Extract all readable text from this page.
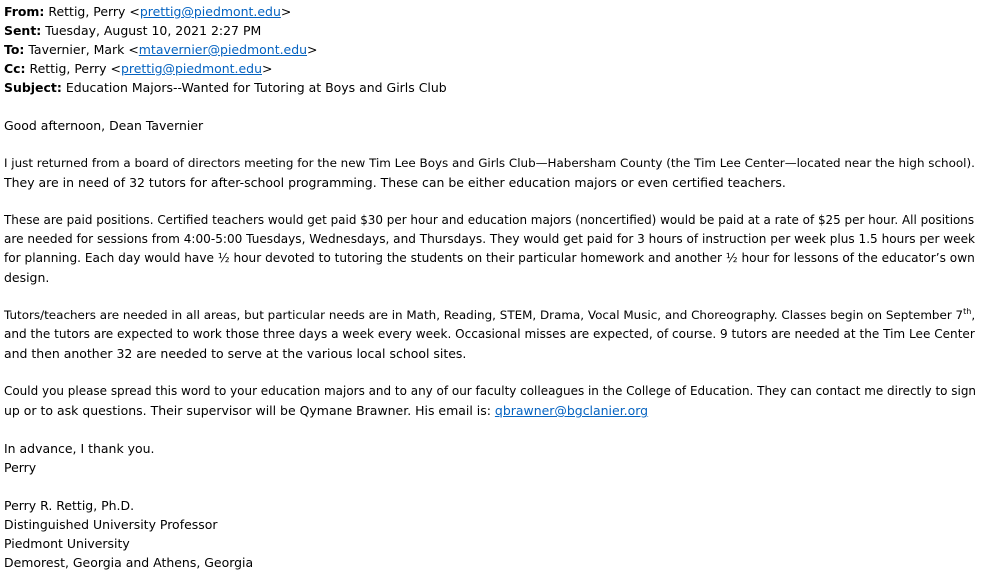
From: Rettig, Perry <prettig@piedmont.edu>
Sent: Tuesday, August 10, 2021 2:27 PM
To: Tavernier, Mark <mtavernier@piedmont.edu>
Cc: Rettig, Perry <prettig@piedmont.edu>
Subject: Education Majors--Wanted for Tutoring at Boys and Girls Club
Good afternoon, Dean Tavernier
I just returned from a board of directors meeting for the new Tim Lee Boys and Girls Club—Habersham County (the Tim Lee Center—located near the high school).
They are in need of 32 tutors for after-school programming. These can be either education majors or even certified teachers.
These are paid positions. Certified teachers would get paid $30 per hour and education majors (noncertified) would be paid at a rate of $25 per hour. All positions
are needed for sessions from 4:00-5:00 Tuesdays, Wednesdays, and Thursdays. They would get paid for 3 hours of instruction per week plus 1.5 hours per week
for planning. Each day would have ½ hour devoted to tutoring the students on their particular homework and another ½ hour for lessons of the educator’s own
design.
Tutors/teachers are needed in all areas, but particular needs are in Math, Reading, STEM, Drama, Vocal Music, and Choreography. Classes begin on September 7th,
and the tutors are expected to work those three days a week every week. Occasional misses are expected, of course. 9 tutors are needed at the Tim Lee Center
and then another 32 are needed to serve at the various local school sites.
Could you please spread this word to your education majors and to any of our faculty colleagues in the College of Education. They can contact me directly to sign
up or to ask questions. Their supervisor will be Qymane Brawner. His email is: qbrawner@bgclanier.org
In advance, I thank you.
Perry
Perry R. Rettig, Ph.D.
Distinguished University Professor
Piedmont University
Demorest, Georgia and Athens, Georgia
